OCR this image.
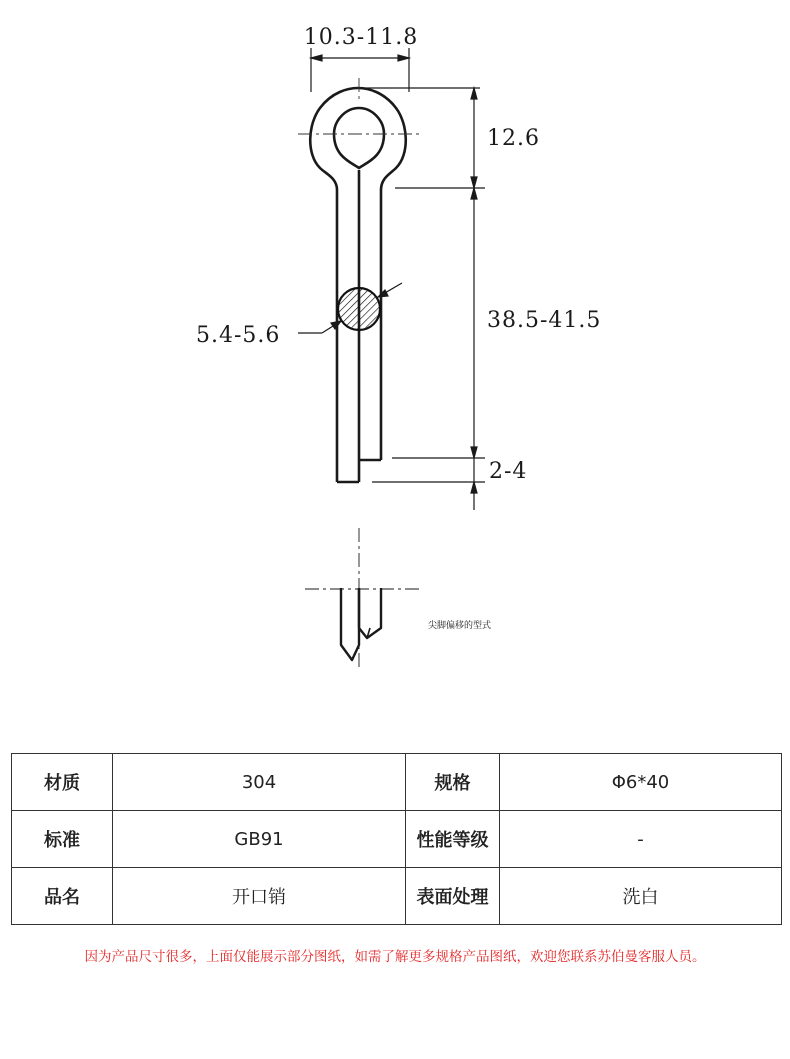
10.3-11.8
12.6
38.5-41.5
2-4
5.4-5.6
尖脚偏移的型式
材质	304	规格	Φ6*40
标准	GB91	性能等级	-
品名	开口销	表面处理	洗白
因为产品尺寸很多，上面仅能展示部分图纸，如需了解更多规格产品图纸，欢迎您联系苏伯曼客服人员。
